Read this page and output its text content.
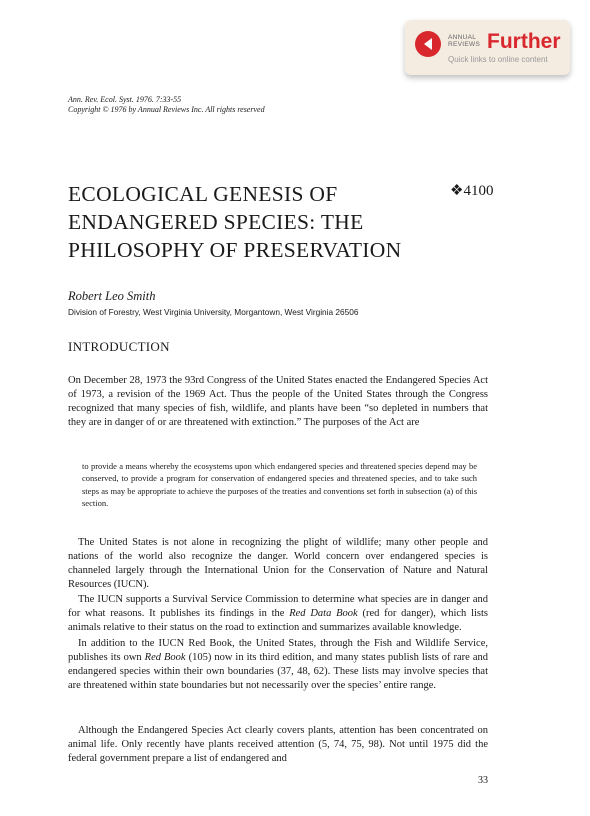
ANNUAL
REVIEWS Further
Quick links to online content
Ann. Rev. Ecol. Syst. 1976. 7:33-55
Copyright © 1976 by Annual Reviews Inc. All rights reserved
ECOLOGICAL GENESIS OF
ENDANGERED SPECIES: THE
PHILOSOPHY OF PRESERVATION
❖4100
Robert Leo Smith
Division of Forestry, West Virginia University, Morgantown, West Virginia 26506
INTRODUCTION

On December 28, 1973 the 93rd Congress of the United States enacted the Endangered Species Act of 1973, a revision of the 1969 Act. Thus the people of the United States through the Congress recognized that many species of fish, wildlife, and plants have been “so depleted in numbers that they are in danger of or are threatened with extinction.” The purposes of the Act are

to provide a means whereby the ecosystems upon which endangered species and threatened species depend may be conserved, to provide a program for conservation of endangered species and threatened species, and to take such steps as may be appropriate to achieve the purposes of the treaties and conventions set forth in subsection (a) of this section.

The United States is not alone in recognizing the plight of wildlife; many other people and nations of the world also recognize the danger. World concern over endangered species is channeled largely through the International Union for the Conservation of Nature and Natural Resources (IUCN).

The IUCN supports a Survival Service Commission to determine what species are in danger and for what reasons. It publishes its findings in the Red Data Book (red for danger), which lists animals relative to their status on the road to extinction and summarizes available knowledge.

In addition to the IUCN Red Book, the United States, through the Fish and Wildlife Service, publishes its own Red Book (105) now in its third edition, and many states publish lists of rare and endangered species within their own boundaries (37, 48, 62). These lists may involve species that are threatened within state boundaries but not necessarily over the species’ entire range.

Although the Endangered Species Act clearly covers plants, attention has been concentrated on animal life. Only recently have plants received attention (5, 74, 75, 98). Not until 1975 did the federal government prepare a list of endangered and

33
